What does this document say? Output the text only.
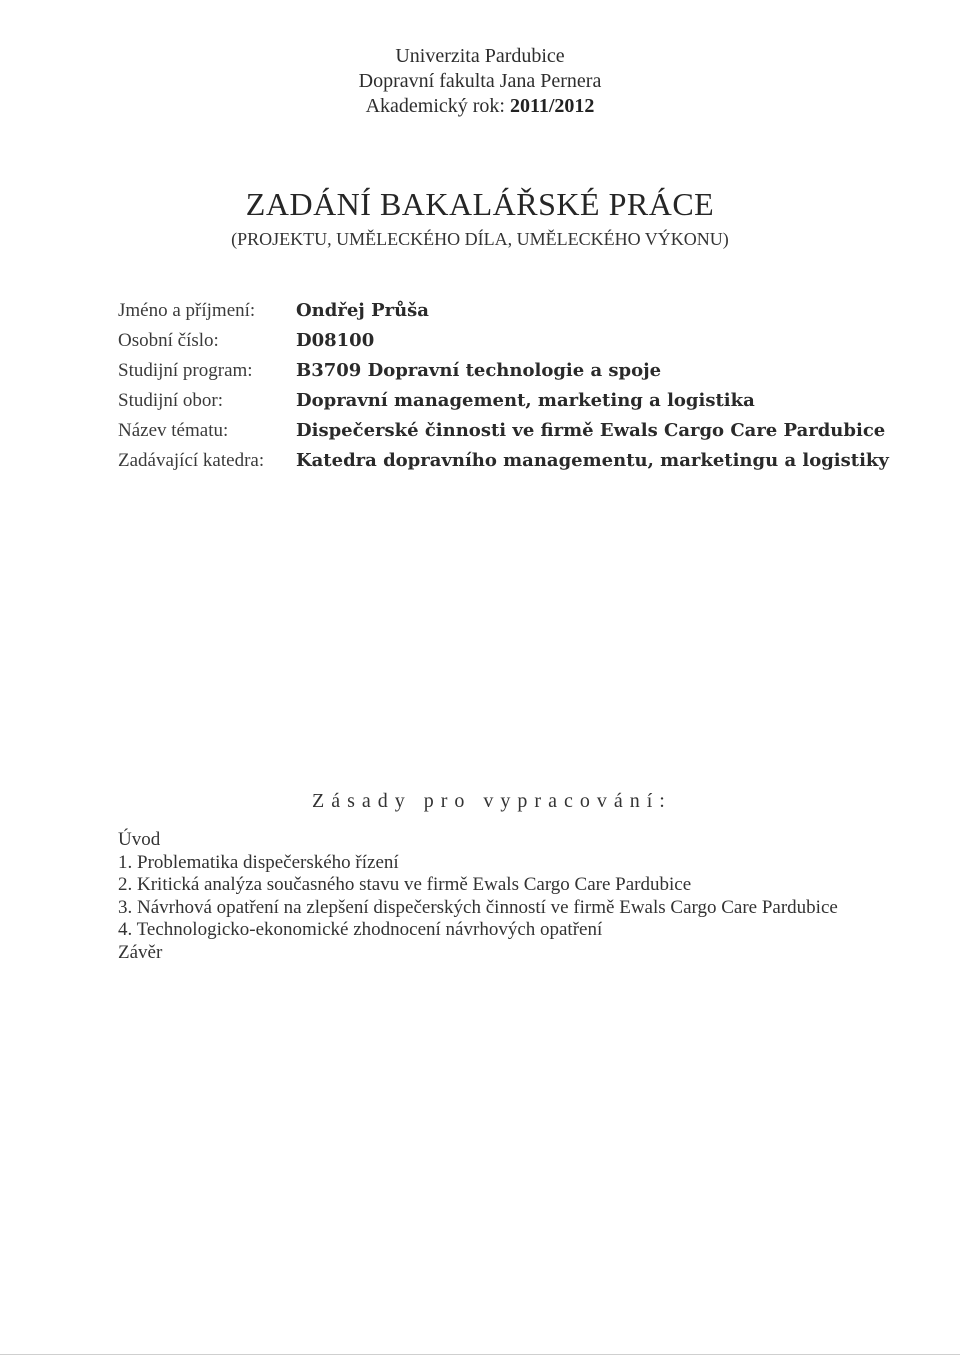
Univerzita Pardubice
Dopravní fakulta Jana Pernera
Akademický rok: 2011/2012
ZADÁNÍ BAKALÁŘSKÉ PRÁCE
(PROJEKTU, UMĚLECKÉHO DÍLA, UMĚLECKÉHO VÝKONU)
Jméno a příjmení:	Ondřej Průša
Osobní číslo:	D08100
Studijní program:	B3709 Dopravní technologie a spoje
Studijní obor:	Dopravní management, marketing a logistika
Název tématu:	Dispečerské činnosti ve firmě Ewals Cargo Care Pardubice
Zadávající katedra:	Katedra dopravního managementu, marketingu a logistiky
Zásady pro vypracování:
Úvod
1. Problematika dispečerského řízení
2. Kritická analýza současného stavu ve firmě Ewals Cargo Care Pardubice
3. Návrhová opatření na zlepšení dispečerských činností ve firmě Ewals Cargo Care Pardubice
4. Technologicko-ekonomické zhodnocení návrhových opatření
Závěr
